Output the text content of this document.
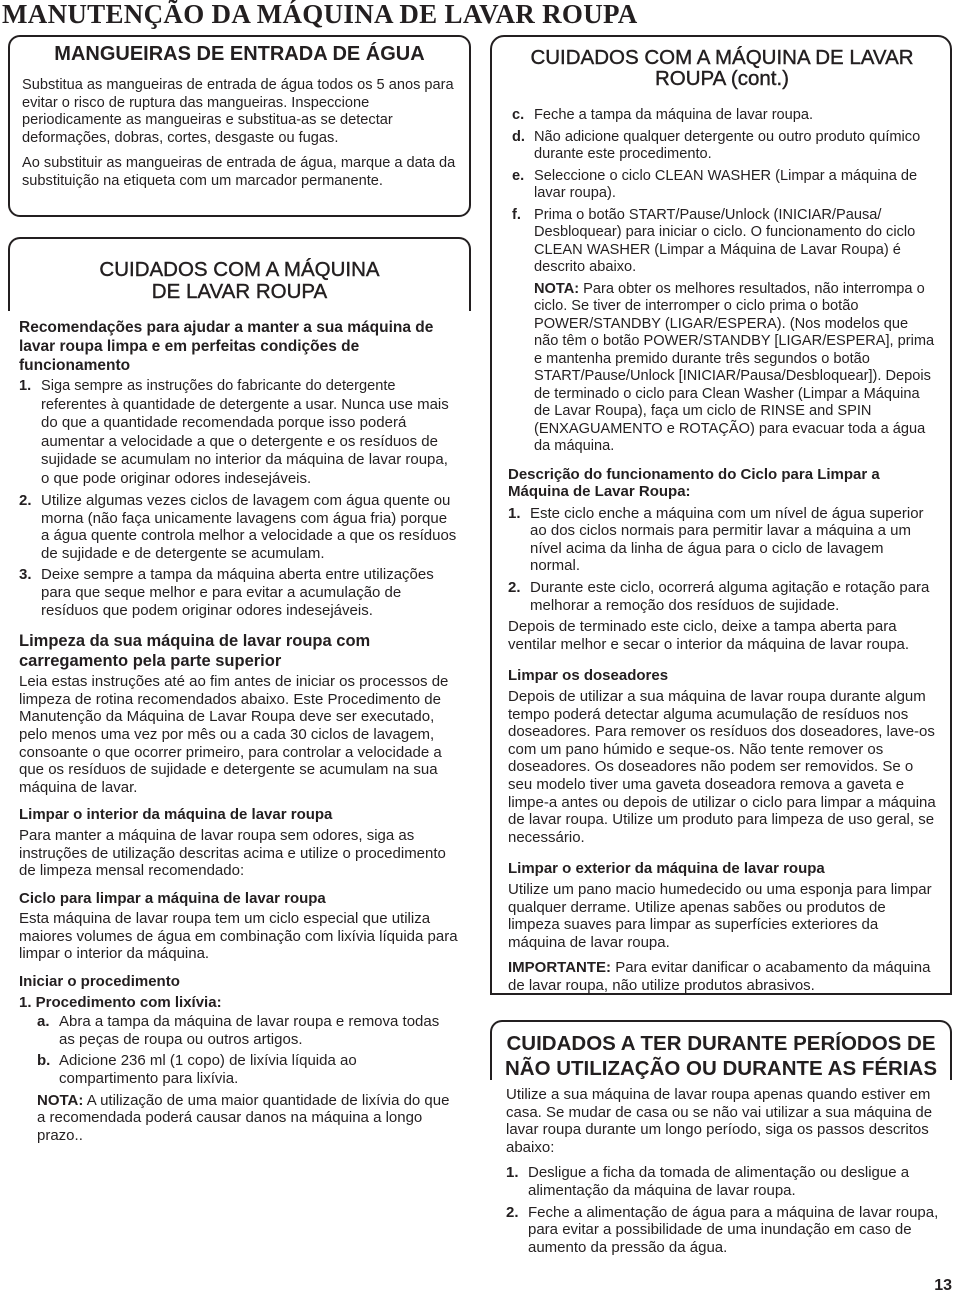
MANUTENÇÃO DA MÁQUINA DE LAVAR ROUPA
MANGUEIRAS DE ENTRADA DE ÁGUA

Substitua as mangueiras de entrada de água todos os 5 anos para evitar o risco de ruptura das mangueiras. Inspeccione periodicamente as mangueiras e substitua-as se detectar deformações, dobras, cortes, desgaste ou fugas.

Ao substituir as mangueiras de entrada de água, marque a data da substituição na etiqueta com um marcador permanente.

CUIDADOS COM A MÁQUINA
DE LAVAR ROUPA

Recomendações para ajudar a manter a sua máquina de lavar roupa limpa e em perfeitas condições de funcionamento

1. Siga sempre as instruções do fabricante do detergente referentes à quantidade de detergente a usar. Nunca use mais do que a quantidade recomendada porque isso poderá aumentar a velocidade a que o detergente e os resíduos de sujidade se acumulam no interior da máquina de lavar roupa, o que pode originar odores indesejáveis.
2. Utilize algumas vezes ciclos de lavagem com água quente ou morna (não faça unicamente lavagens com água fria) porque a água quente controla melhor a velocidade a que os resíduos de sujidade e de detergente se acumulam.
3. Deixe sempre a tampa da máquina aberta entre utilizações para que seque melhor e para evitar a acumulação de resíduos que podem originar odores indesejáveis.

Limpeza da sua máquina de lavar roupa com carregamento pela parte superior

Leia estas instruções até ao fim antes de iniciar os processos de limpeza de rotina recomendados abaixo. Este Procedimento de Manutenção da Máquina de Lavar Roupa deve ser executado, pelo menos uma vez por mês ou a cada 30 ciclos de lavagem, consoante o que ocorrer primeiro, para controlar a velocidade a que os resíduos de sujidade e detergente se acumulam na sua máquina de lavar.

Limpar o interior da máquina de lavar roupa

Para manter a máquina de lavar roupa sem odores, siga as instruções de utilização descritas acima e utilize o procedimento de limpeza mensal recomendado:

Ciclo para limpar a máquina de lavar roupa

Esta máquina de lavar roupa tem um ciclo especial que utiliza maiores volumes de água em combinação com lixívia líquida para limpar o interior da máquina.

Iniciar o procedimento

1. Procedimento com lixívia:

a. Abra a tampa da máquina de lavar roupa e remova todas as peças de roupa ou outros artigos.
b. Adicione 236 ml (1 copo) de lixívia líquida ao compartimento para lixívia.

NOTA: A utilização de uma maior quantidade de lixívia do que a recomendada poderá causar danos na máquina a longo prazo..

CUIDADOS COM A MÁQUINA DE LAVAR
ROUPA (cont.)
c. Feche a tampa da máquina de lavar roupa.
d. Não adicione qualquer detergente ou outro produto químico durante este procedimento.
e. Seleccione o ciclo CLEAN WASHER (Limpar a máquina de lavar roupa).
f. Prima o botão START/Pause/Unlock (INICIAR/Pausa/ Desbloquear) para iniciar o ciclo. O funcionamento do ciclo CLEAN WASHER (Limpar a Máquina de Lavar Roupa) é descrito abaixo.

NOTA: Para obter os melhores resultados, não interrompa o ciclo. Se tiver de interromper o ciclo prima o botão POWER/STANDBY (LIGAR/ESPERA). (Nos modelos que não têm o botão POWER/STANDBY [LIGAR/ESPERA], prima e mantenha premido durante três segundos o botão START/Pause/Unlock [INICIAR/Pausa/Desbloquear]). Depois de terminado o ciclo para Clean Washer (Limpar a Máquina de Lavar Roupa), faça um ciclo de RINSE and SPIN (ENXAGUAMENTO e ROTAÇÃO) para evacuar toda a água da máquina.

Descrição do funcionamento do Ciclo para Limpar a Máquina de Lavar Roupa:

1. Este ciclo enche a máquina com um nível de água superior ao dos ciclos normais para permitir lavar a máquina a um nível acima da linha de água para o ciclo de lavagem normal.
2. Durante este ciclo, ocorrerá alguma agitação e rotação para melhorar a remoção dos resíduos de sujidade.

Depois de terminado este ciclo, deixe a tampa aberta para ventilar melhor e secar o interior da máquina de lavar roupa.

Limpar os doseadores

Depois de utilizar a sua máquina de lavar roupa durante algum tempo poderá detectar alguma acumulação de resíduos nos doseadores. Para remover os resíduos dos doseadores, lave-os com um pano húmido e seque-os. Não tente remover os doseadores. Os doseadores não podem ser removidos. Se o seu modelo tiver uma gaveta doseadora remova a gaveta e limpe-a antes ou depois de utilizar o ciclo para limpar a máquina de lavar roupa. Utilize um produto para limpeza de uso geral, se necessário.

Limpar o exterior da máquina de lavar roupa

Utilize um pano macio humedecido ou uma esponja para limpar qualquer derrame. Utilize apenas sabões ou produtos de limpeza suaves para limpar as superfícies exteriores da máquina de lavar roupa.

IMPORTANTE: Para evitar danificar o acabamento da máquina de lavar roupa, não utilize produtos abrasivos.

CUIDADOS A TER DURANTE PERÍODOS DE
NÃO UTILIZAÇÃO OU DURANTE AS FÉRIAS

Utilize a sua máquina de lavar roupa apenas quando estiver em casa. Se mudar de casa ou se não vai utilizar a sua máquina de lavar roupa durante um longo período, siga os passos descritos abaixo:

1. Desligue a ficha da tomada de alimentação ou desligue a alimentação da máquina de lavar roupa.
2. Feche a alimentação de água para a máquina de lavar roupa, para evitar a possibilidade de uma inundação em caso de aumento da pressão da água.
13
